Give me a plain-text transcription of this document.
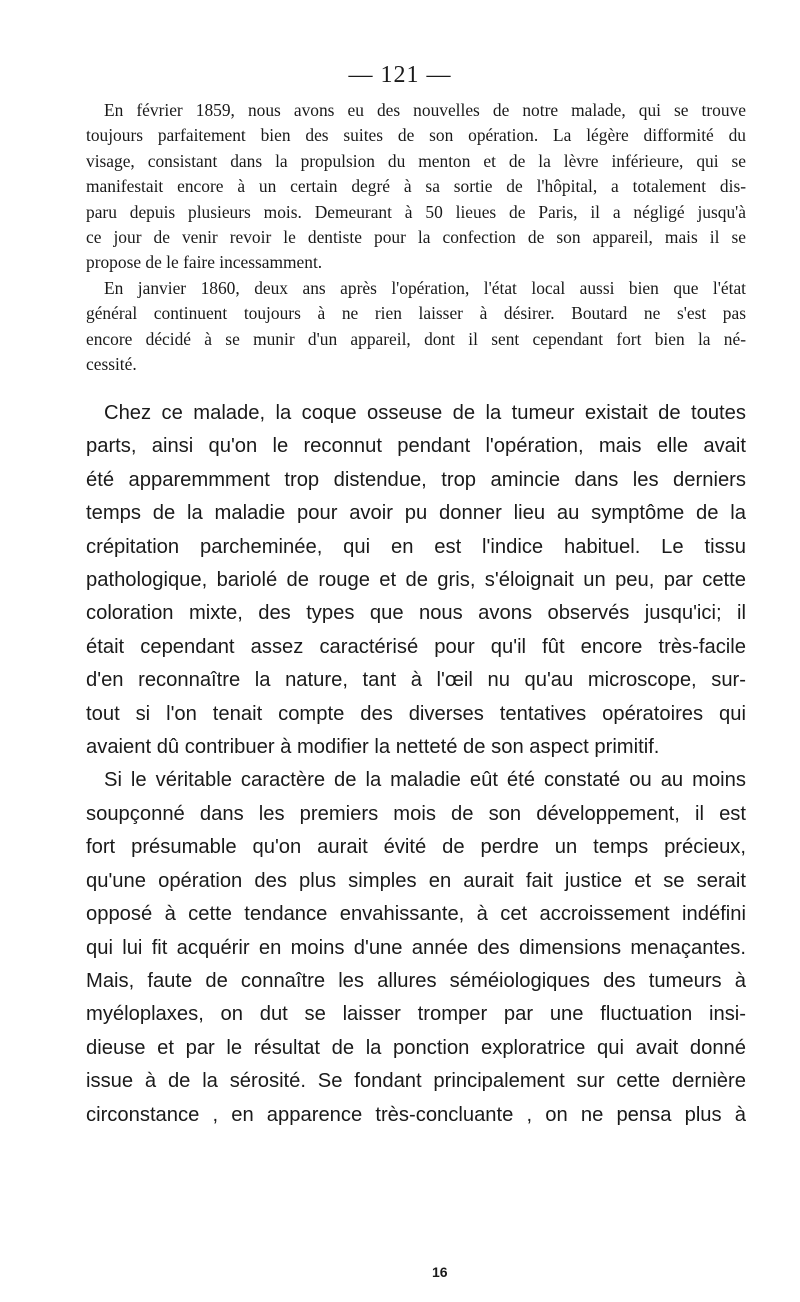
— 121 —
En février 1859, nous avons eu des nouvelles de notre malade, qui se trouve
toujours parfaitement bien des suites de son opération. La légère difformité du
visage, consistant dans la propulsion du menton et de la lèvre inférieure, qui se
manifestait encore à un certain degré à sa sortie de l'hôpital, a totalement dis-
paru depuis plusieurs mois. Demeurant à 50 lieues de Paris, il a négligé jusqu'à
ce jour de venir revoir le dentiste pour la confection de son appareil, mais il se
propose de le faire incessamment.
En janvier 1860, deux ans après l'opération, l'état local aussi bien que l'état
général continuent toujours à ne rien laisser à désirer. Boutard ne s'est pas
encore décidé à se munir d'un appareil, dont il sent cependant fort bien la né-
cessité.
Chez ce malade, la coque osseuse de la tumeur existait de toutes
parts, ainsi qu'on le reconnut pendant l'opération, mais elle avait
été apparemmment trop distendue, trop amincie dans les derniers
temps de la maladie pour avoir pu donner lieu au symptôme de la
crépitation parcheminée, qui en est l'indice habituel. Le tissu
pathologique, bariolé de rouge et de gris, s'éloignait un peu, par cette
coloration mixte, des types que nous avons observés jusqu'ici; il
était cependant assez caractérisé pour qu'il fût encore très-facile
d'en reconnaître la nature, tant à l'œil nu qu'au microscope, sur-
tout si l'on tenait compte des diverses tentatives opératoires qui
avaient dû contribuer à modifier la netteté de son aspect primitif.
Si le véritable caractère de la maladie eût été constaté ou au moins
soupçonné dans les premiers mois de son développement, il est
fort présumable qu'on aurait évité de perdre un temps précieux,
qu'une opération des plus simples en aurait fait justice et se serait
opposé à cette tendance envahissante, à cet accroissement indéfini
qui lui fit acquérir en moins d'une année des dimensions menaçantes.
Mais, faute de connaître les allures séméiologiques des tumeurs à
myéloplaxes, on dut se laisser tromper par une fluctuation insi-
dieuse et par le résultat de la ponction exploratrice qui avait donné
issue à de la sérosité. Se fondant principalement sur cette dernière
circonstance , en apparence très-concluante , on ne pensa plus à
16
